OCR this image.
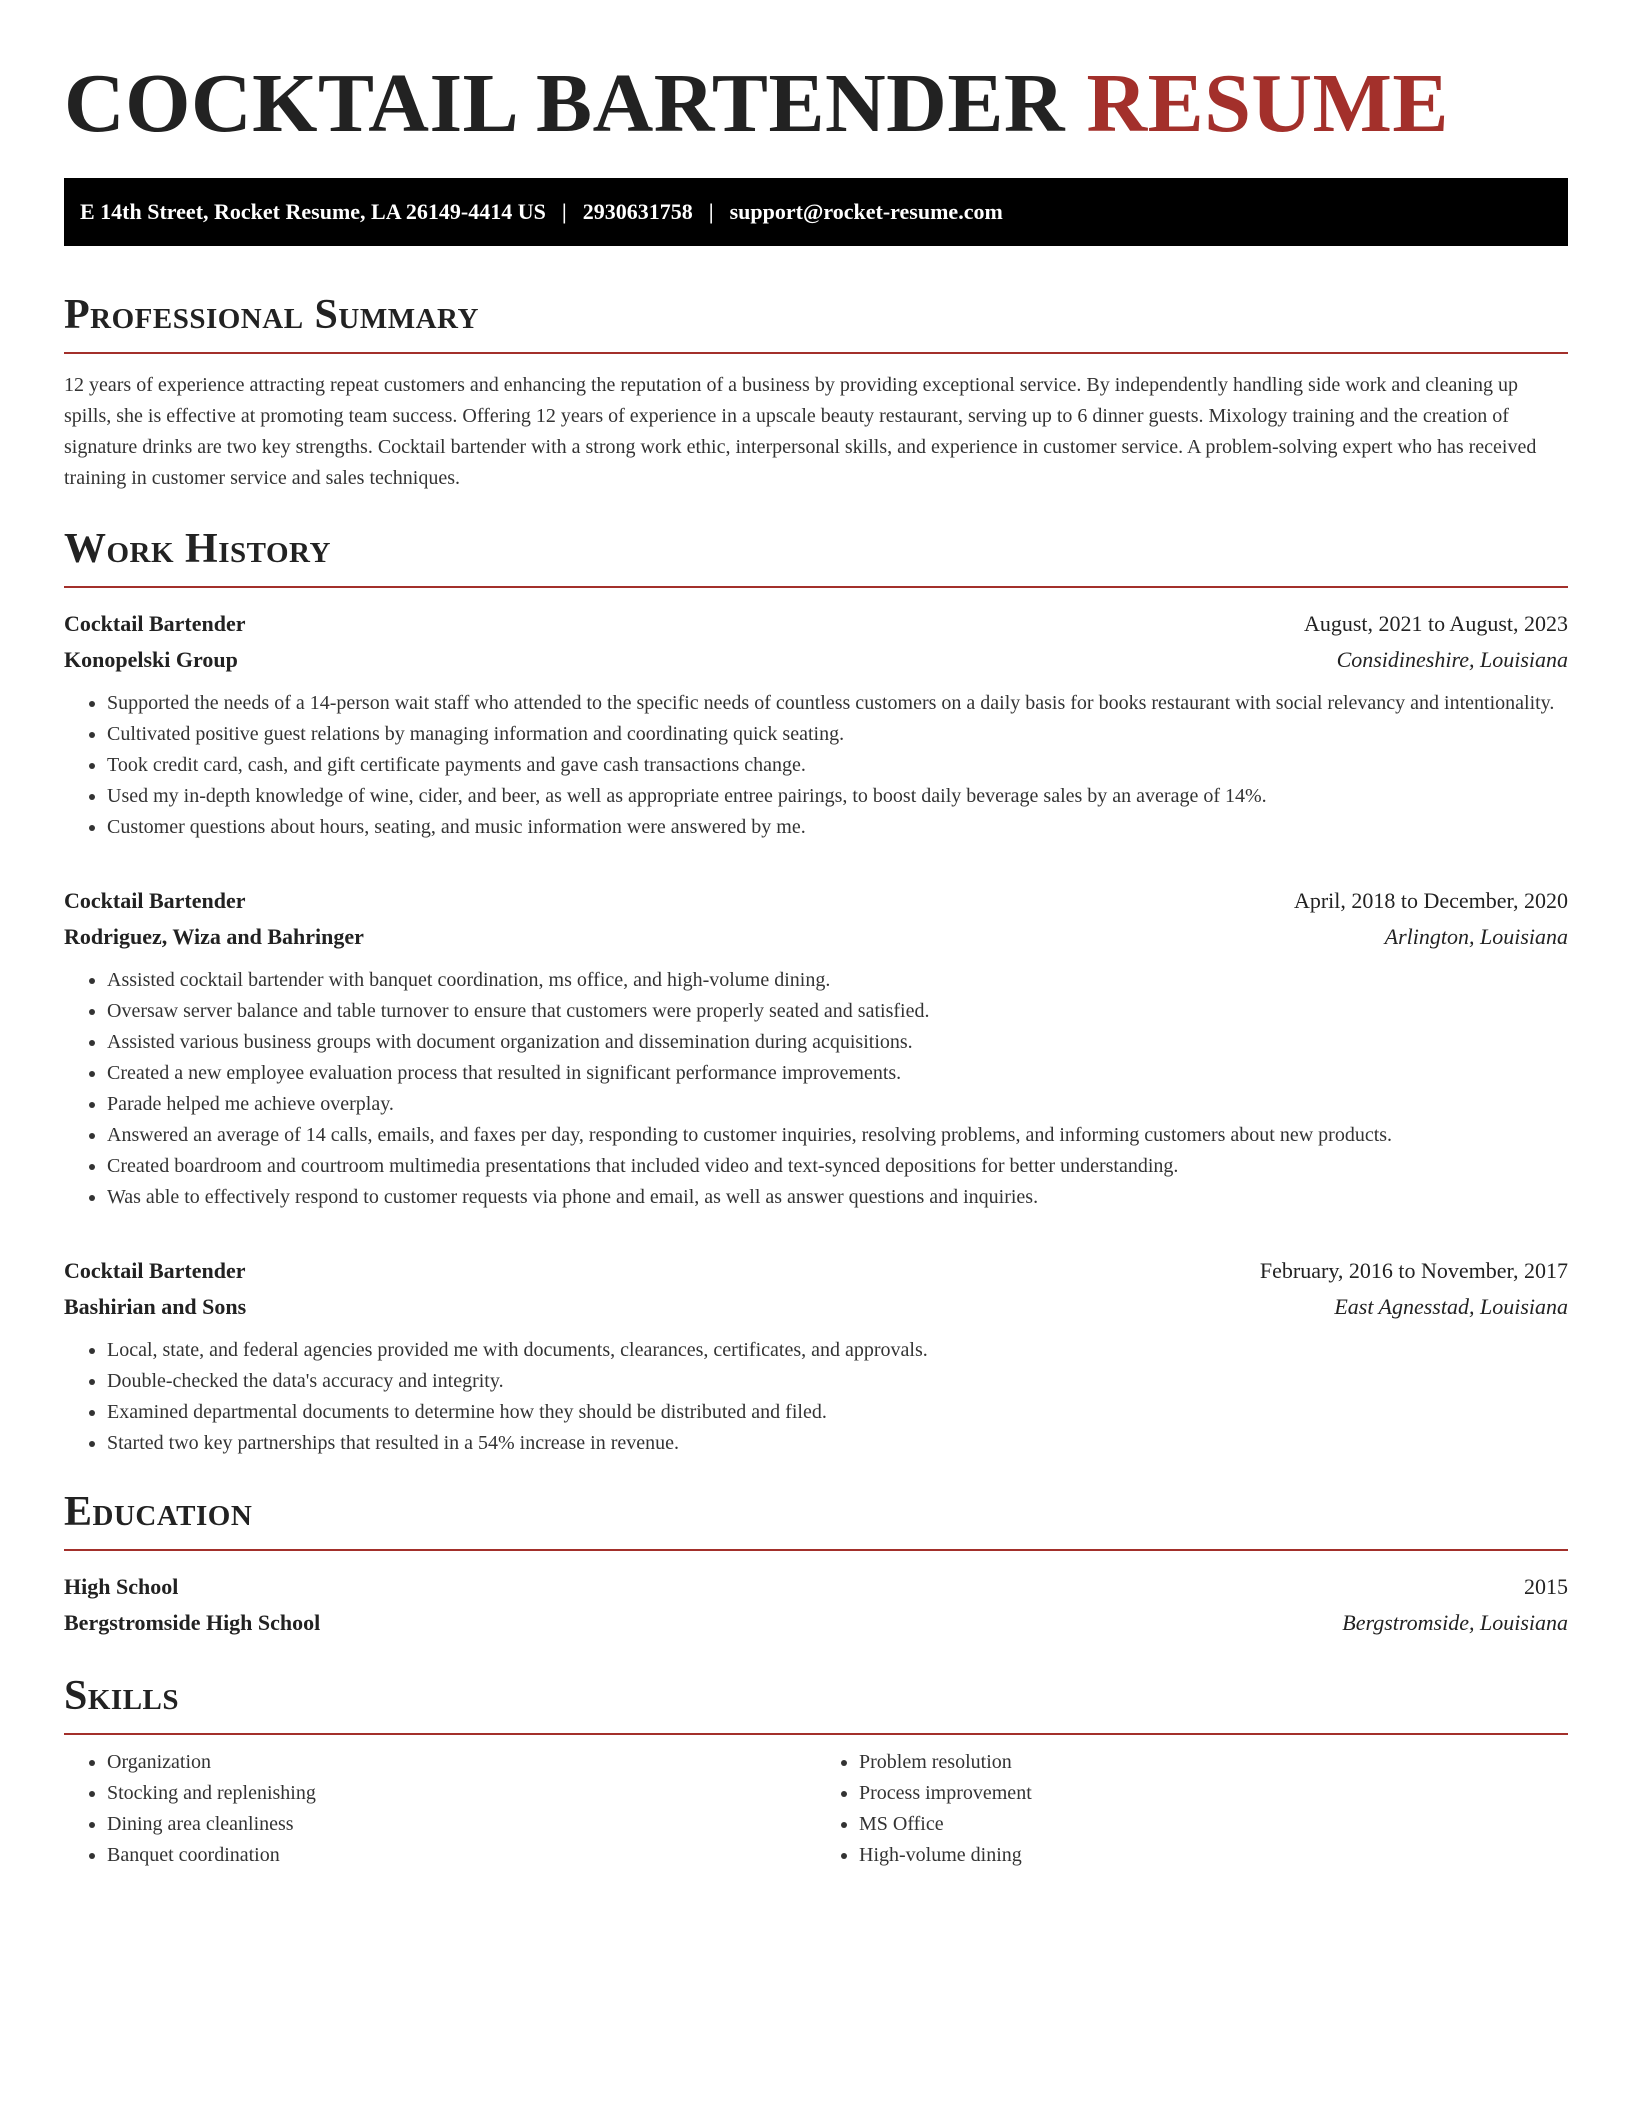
COCKTAIL BARTENDER RESUME
E 14th Street, Rocket Resume, LA 26149-4414 US | 2930631758 | support@rocket-resume.com
Professional Summary

12 years of experience attracting repeat customers and enhancing the reputation of a business by providing exceptional service. By independently handling side work and cleaning up spills, she is effective at promoting team success. Offering 12 years of experience in a upscale beauty restaurant, serving up to 6 dinner guests. Mixology training and the creation of signature drinks are two key strengths. Cocktail bartender with a strong work ethic, interpersonal skills, and experience in customer service. A problem-solving expert who has received training in customer service and sales techniques.

Work History
Cocktail Bartender	August, 2021 to August, 2023
Konopelski Group	Considineshire, Louisiana
• Supported the needs of a 14-person wait staff who attended to the specific needs of countless customers on a daily basis for books restaurant with social relevancy and intentionality.
• Cultivated positive guest relations by managing information and coordinating quick seating.
• Took credit card, cash, and gift certificate payments and gave cash transactions change.
• Used my in-depth knowledge of wine, cider, and beer, as well as appropriate entree pairings, to boost daily beverage sales by an average of 14%.
• Customer questions about hours, seating, and music information were answered by me.
Cocktail Bartender	April, 2018 to December, 2020
Rodriguez, Wiza and Bahringer	Arlington, Louisiana
• Assisted cocktail bartender with banquet coordination, ms office, and high-volume dining.
• Oversaw server balance and table turnover to ensure that customers were properly seated and satisfied.
• Assisted various business groups with document organization and dissemination during acquisitions.
• Created a new employee evaluation process that resulted in significant performance improvements.
• Parade helped me achieve overplay.
• Answered an average of 14 calls, emails, and faxes per day, responding to customer inquiries, resolving problems, and informing customers about new products.
• Created boardroom and courtroom multimedia presentations that included video and text-synced depositions for better understanding.
• Was able to effectively respond to customer requests via phone and email, as well as answer questions and inquiries.
Cocktail Bartender	February, 2016 to November, 2017
Bashirian and Sons	East Agnesstad, Louisiana
• Local, state, and federal agencies provided me with documents, clearances, certificates, and approvals.
• Double-checked the data's accuracy and integrity.
• Examined departmental documents to determine how they should be distributed and filed.
• Started two key partnerships that resulted in a 54% increase in revenue.
Education
High School	2015
Bergstromside High School	Bergstromside, Louisiana
Skills
• Organization
• Stocking and replenishing
• Dining area cleanliness
• Banquet coordination
• Problem resolution
• Process improvement
• MS Office
• High-volume dining
